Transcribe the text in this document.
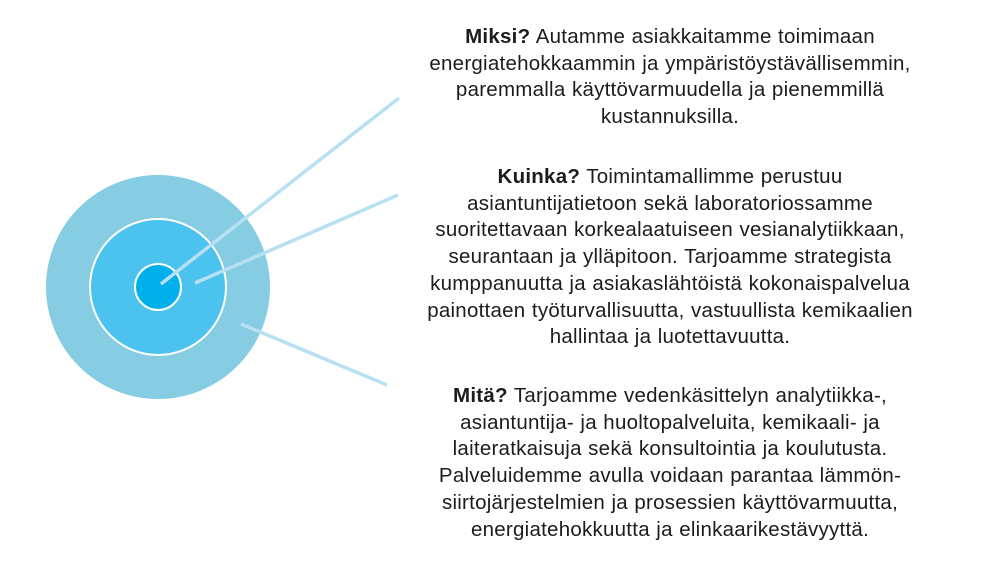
Miksi? Autamme asiakkaitamme toimimaan
energiatehokkaammin ja ympäristöystävällisemmin,
paremmalla käyttövarmuudella ja pienemmillä
kustannuksilla.
Kuinka? Toimintamallimme perustuu
asiantuntijatietoon sekä laboratoriossamme
suoritettavaan korkealaatuiseen vesianalytiikkaan,
seurantaan ja ylläpitoon. Tarjoamme strategista
kumppanuutta ja asiakaslähtöistä kokonaispalvelua
painottaen työturvallisuutta, vastuullista kemikaalien
hallintaa ja luotettavuutta.
Mitä? Tarjoamme vedenkäsittelyn analytiikka-,
asiantuntija- ja huoltopalveluita, kemikaali- ja
laiteratkaisuja sekä konsultointia ja koulutusta.
Palveluidemme avulla voidaan parantaa lämmön-
siirtojärjestelmien ja prosessien käyttövarmuutta,
energiatehokkuutta ja elinkaarikestävyyttä.
